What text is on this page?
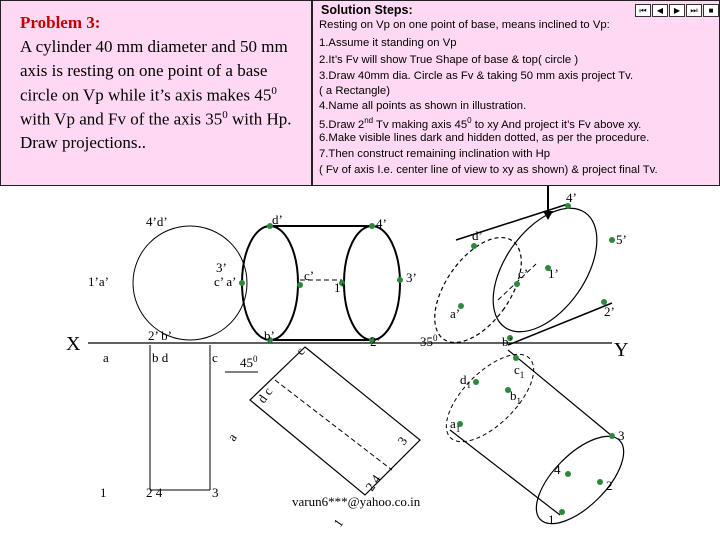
Problem 3:
A cylinder 40 mm diameter and 50 mm
axis is resting on one point of a base
circle on Vp while it’s axis makes $45^0$
with Vp and Fv of the axis $35^0$ with Hp.
Draw projections..
Solution Steps:
Resting on Vp on one point of base, means inclined to Vp:
1.Assume it standing on Vp
2.It’s Fv will show True Shape of base & top( circle )
3.Draw 40mm dia. Circle as Fv & taking 50 mm axis project Tv.
( a Rectangle)
4.Name all points as shown in illustration.
5.Draw 2nd Tv making axis $45^0$ to xy And project it’s Fv above xy.
6.Make visible lines dark and hidden dotted, as per the procedure.
7.Then construct remaining inclination with Hp
( Fv of axis I.e. center line of view to xy as shown) & project final Tv.
⏮	◀	▶	⏭	■
X	Y
4’d’	d’	4’
1’a’
3’
c’ a’	c’
1’
3’
2’ b’	b’	2’
a	b d	c
1	2 4	3
$45^0$
$35^0$
d c
a	3
2 4
1
c
varun6***@yahoo.co.in
4’
d’	5’
c’ 1’
a’	2’
b’
$c_1$
$d_1$
$b_1$
$a_1$	3
4
2
1
